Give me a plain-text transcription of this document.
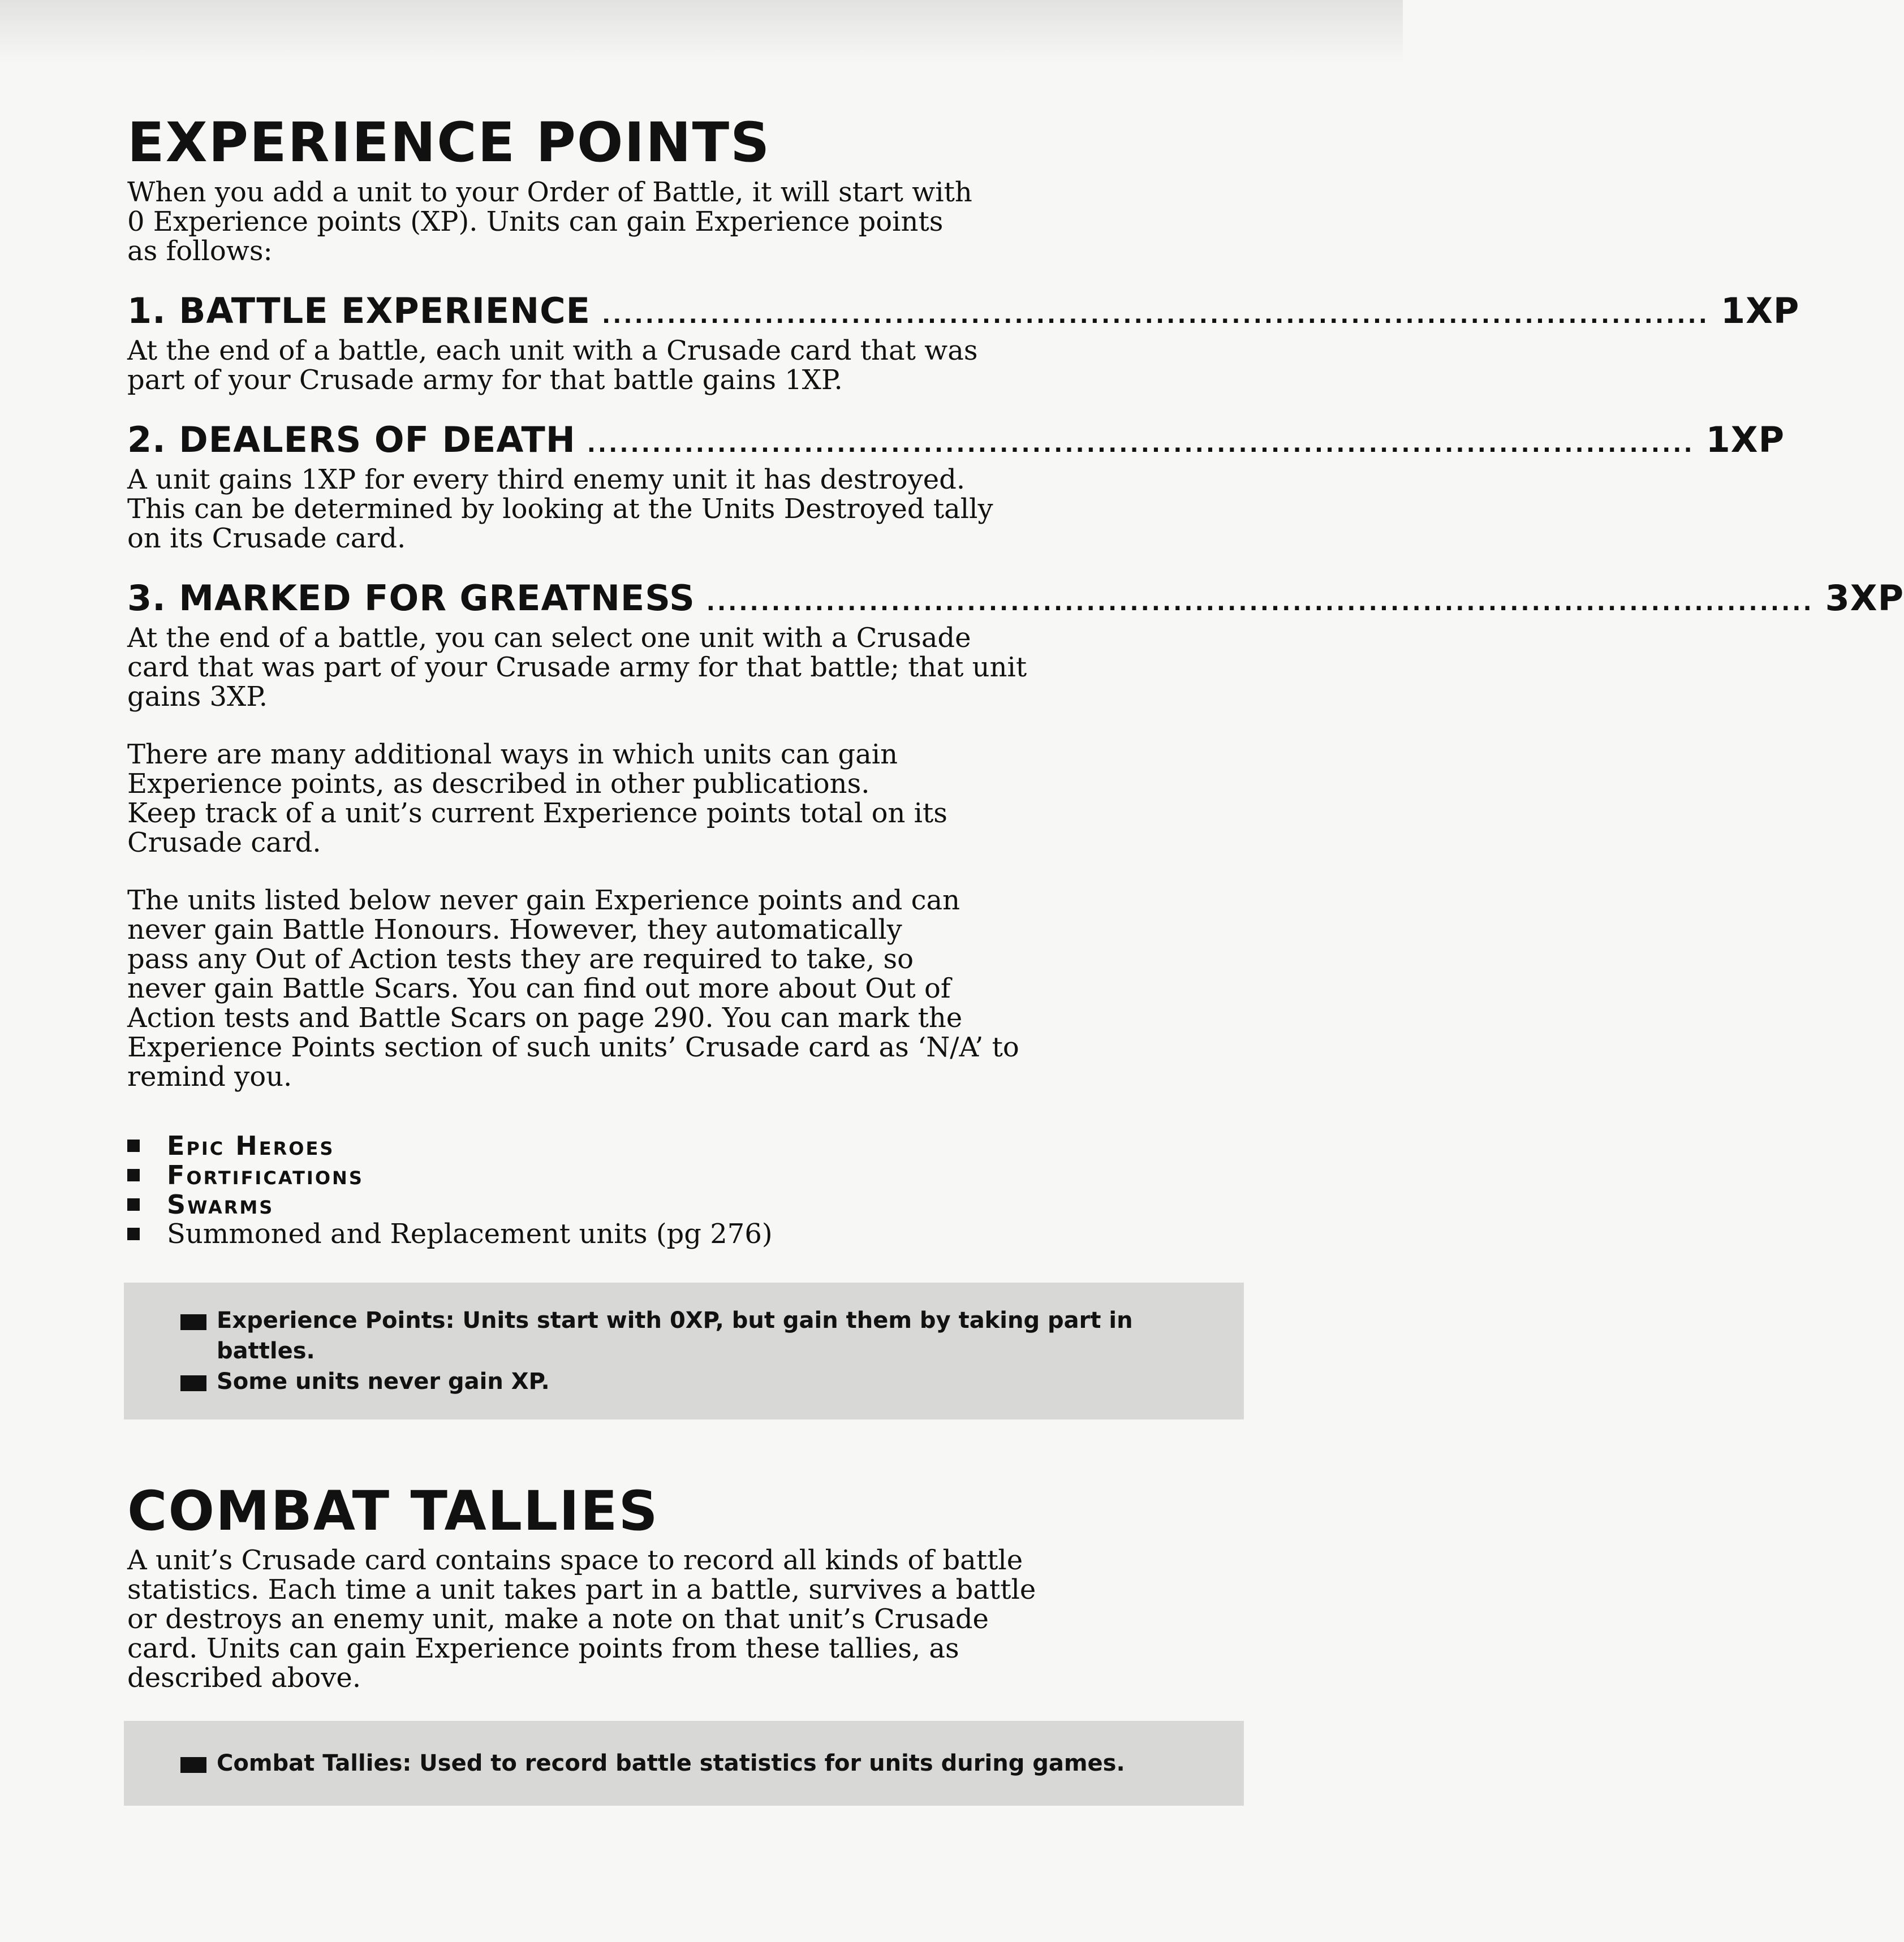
EXPERIENCE POINTS

When you add a unit to your Order of Battle, it will start with
0 Experience points (XP). Units can gain Experience points
as follows:

1. BATTLE EXPERIENCE ...................................................................................................... 1XP

At the end of a battle, each unit with a Crusade card that was
part of your Crusade army for that battle gains 1XP.

2. DEALERS OF DEATH ...................................................................................................... 1XP

A unit gains 1XP for every third enemy unit it has destroyed.
This can be determined by looking at the Units Destroyed tally
on its Crusade card.

3. MARKED FOR GREATNESS ...................................................................................................... 3XP

At the end of a battle, you can select one unit with a Crusade
card that was part of your Crusade army for that battle; that unit
gains 3XP.

There are many additional ways in which units can gain
Experience points, as described in other publications.
Keep track of a unit’s current Experience points total on its
Crusade card.

The units listed below never gain Experience points and can
never gain Battle Honours. However, they automatically
pass any Out of Action tests they are required to take, so
never gain Battle Scars. You can find out more about Out of
Action tests and Battle Scars on page 290. You can mark the
Experience Points section of such units’ Crusade card as ‘N/A’ to
remind you.

Epic Heroes
Fortifications
Swarms
Summoned and Replacement units (pg 276)
Experience Points: Units start with 0XP, but gain them by taking part in battles.
Some units never gain XP.
COMBAT TALLIES

A unit’s Crusade card contains space to record all kinds of battle
statistics. Each time a unit takes part in a battle, survives a battle
or destroys an enemy unit, make a note on that unit’s Crusade
card. Units can gain Experience points from these tallies, as
described above.

Combat Tallies: Used to record battle statistics for units during games.
